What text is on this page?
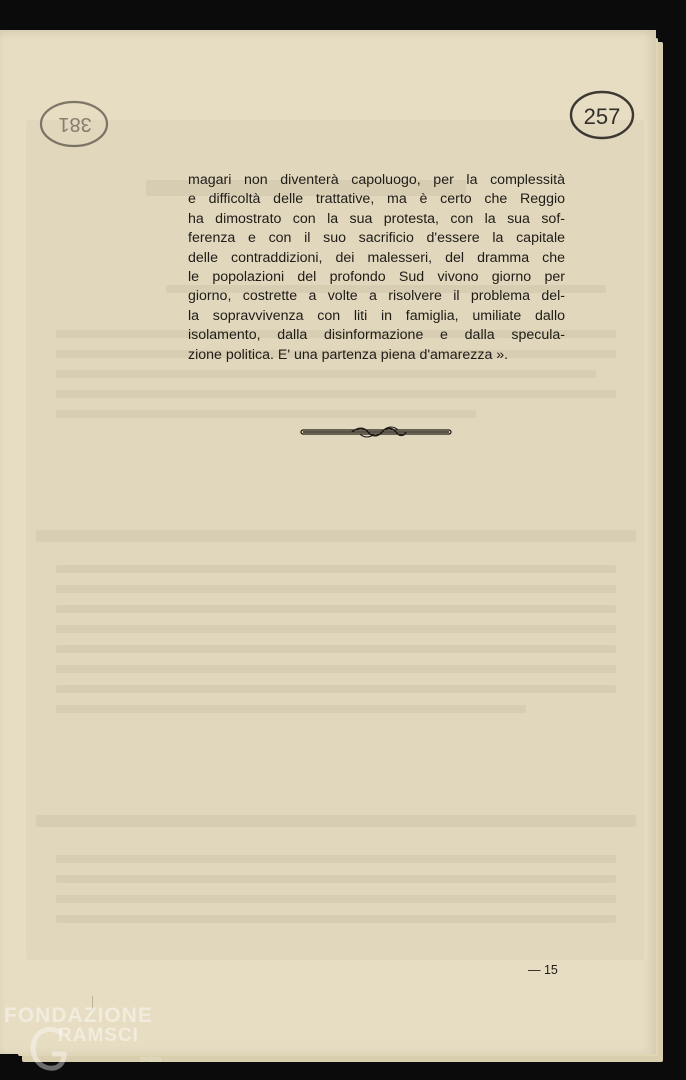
381	257
magari non diventerà capoluogo, per la complessità
e difficoltà delle trattative, ma è certo che Reggio
ha dimostrato con la sua protesta, con la sua sof-
ferenza e con il suo sacrificio d'essere la capitale
delle contraddizioni, dei malesseri, del dramma che
le popolazioni del profondo Sud vivono giorno per
giorno, costrette a volte a risolvere il problema del-
la sopravvivenza con liti in famiglia, umiliate dallo
isolamento, dalla disinformazione e dalla specula-
zione politica. E' una partenza piena d'amarezza ».
— 15
FONDAZIONE
RAMSCI
onlus
